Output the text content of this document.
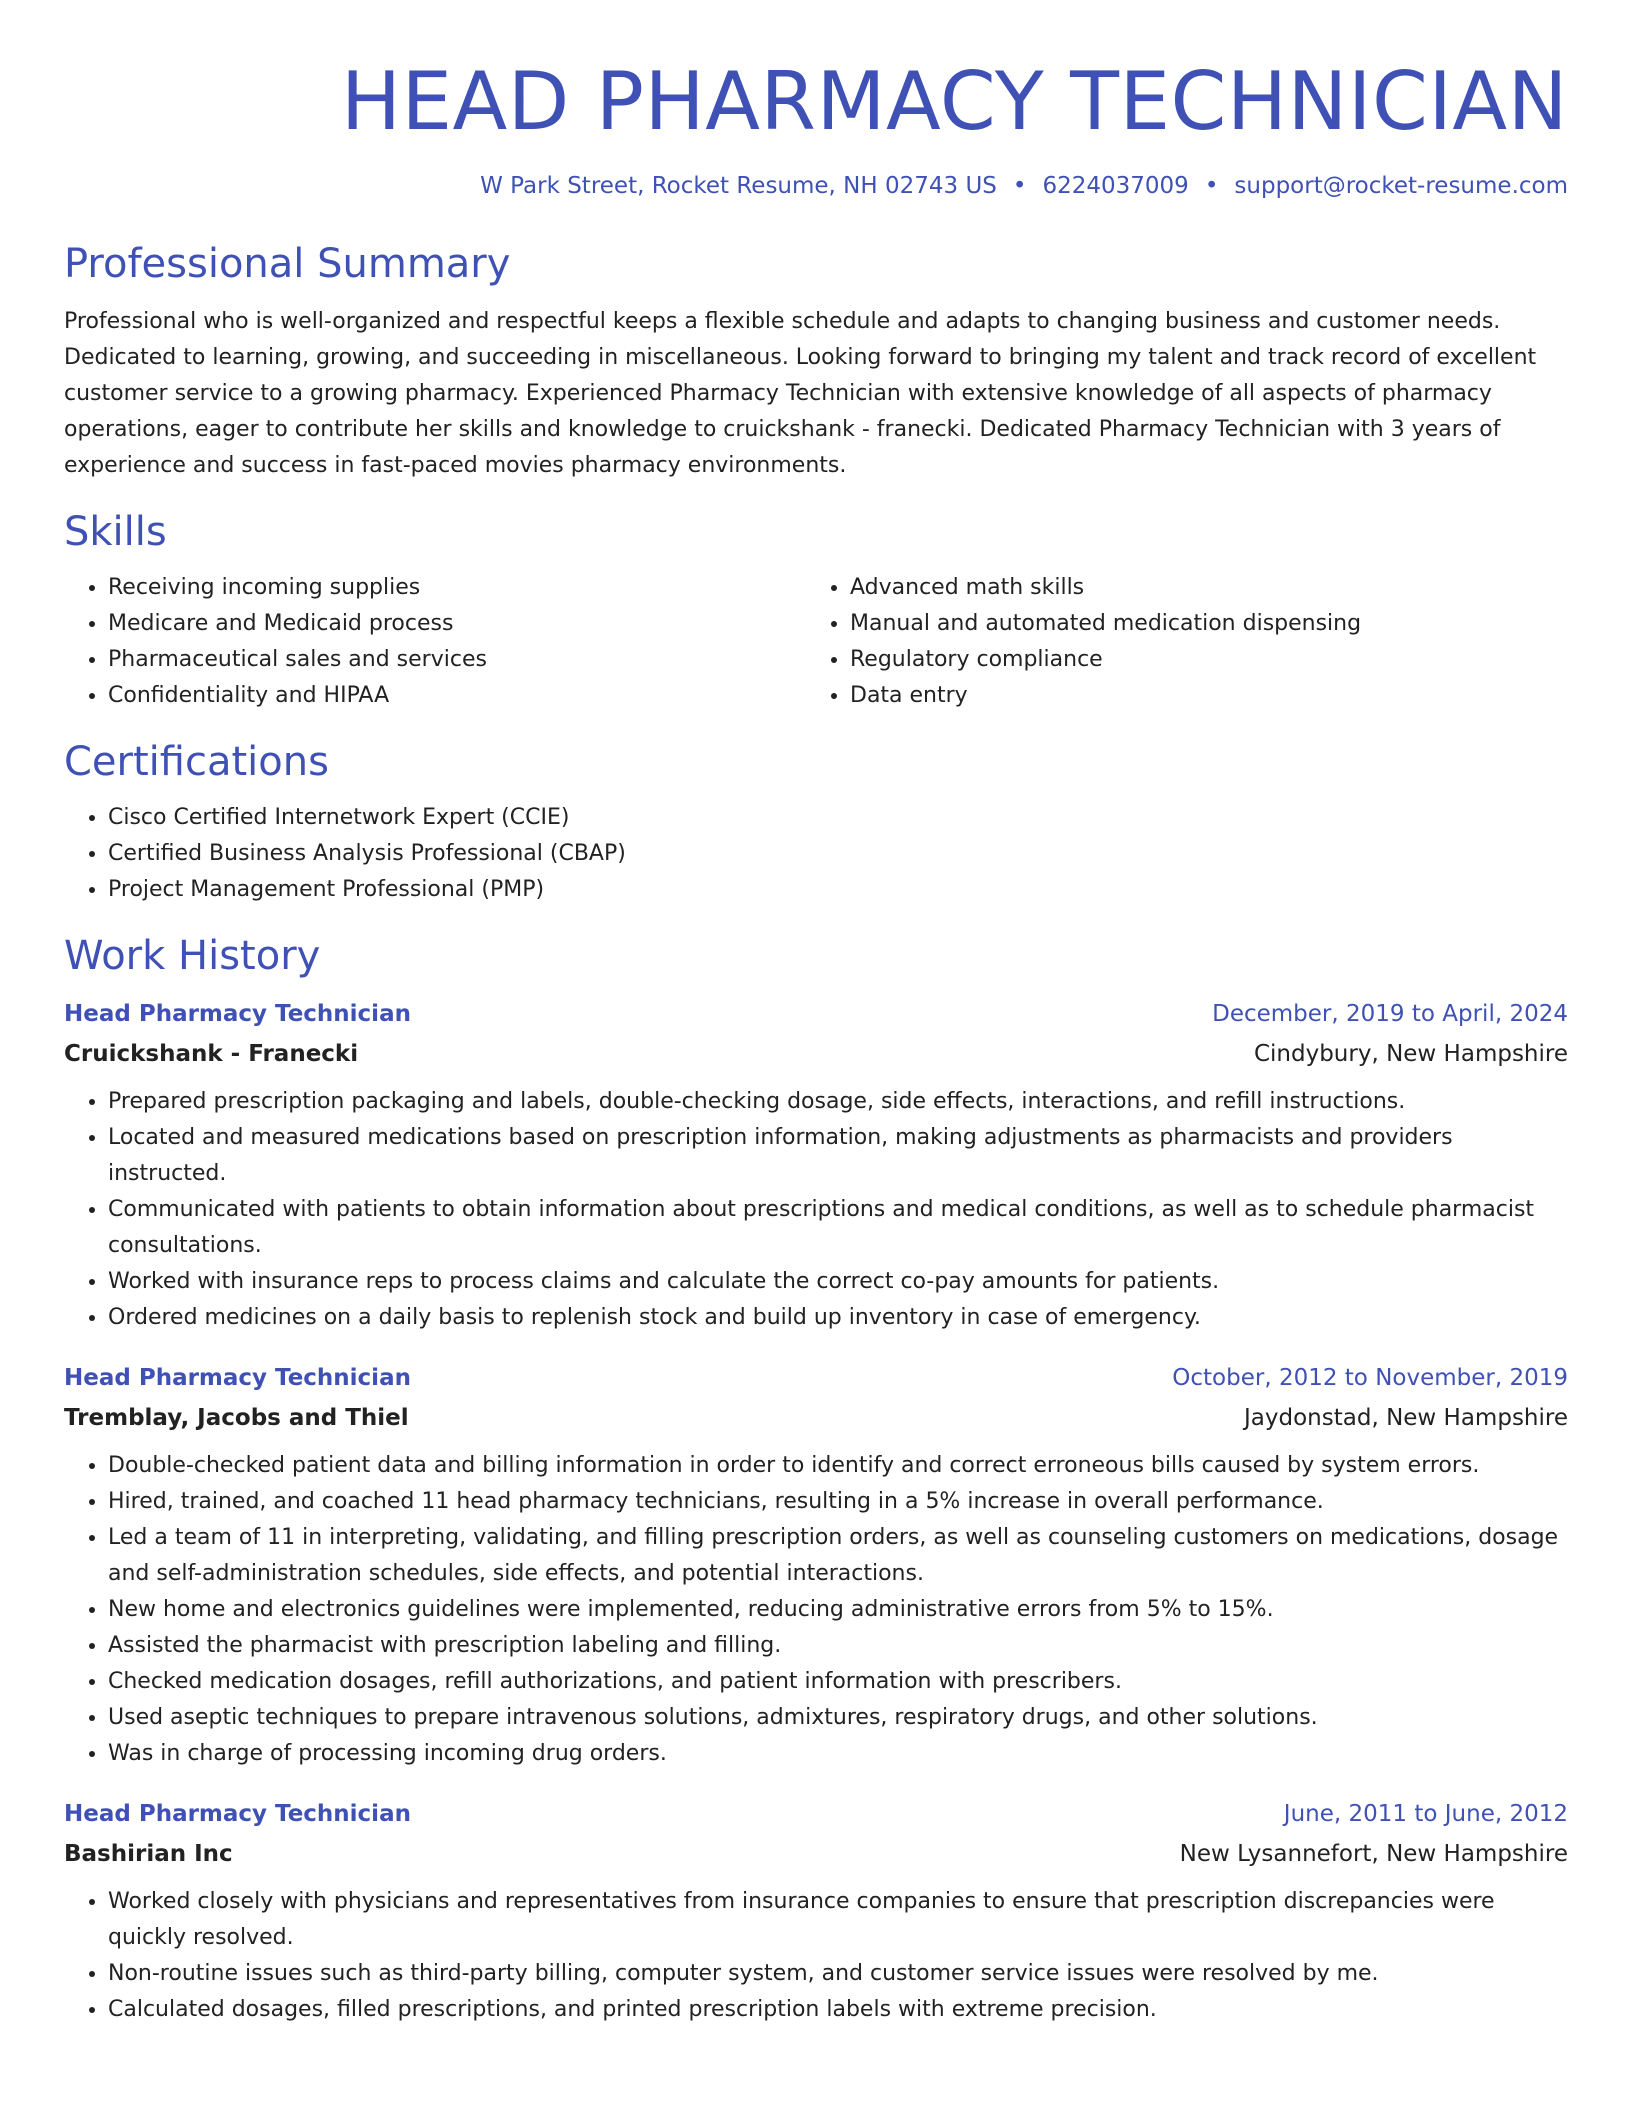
HEAD PHARMACY TECHNICIAN
W Park Street, Rocket Resume, NH 02743 US • 6224037009 • support@rocket-resume.com
Professional Summary

Professional who is well-organized and respectful keeps a flexible schedule and adapts to changing business and customer needs. Dedicated to learning, growing, and succeeding in miscellaneous. Looking forward to bringing my talent and track record of excellent customer service to a growing pharmacy. Experienced Pharmacy Technician with extensive knowledge of all aspects of pharmacy operations, eager to contribute her skills and knowledge to cruickshank - franecki. Dedicated Pharmacy Technician with 3 years of experience and success in fast-paced movies pharmacy environments.

Skills
• Receiving incoming supplies
• Medicare and Medicaid process
• Pharmaceutical sales and services
• Confidentiality and HIPAA
• Advanced math skills
• Manual and automated medication dispensing
• Regulatory compliance
• Data entry
Certifications
• Cisco Certified Internetwork Expert (CCIE)
• Certified Business Analysis Professional (CBAP)
• Project Management Professional (PMP)
Work History
Head Pharmacy Technician	December, 2019 to April, 2024
Cruickshank - Franecki	Cindybury, New Hampshire
• Prepared prescription packaging and labels, double-checking dosage, side effects, interactions, and refill instructions.
• Located and measured medications based on prescription information, making adjustments as pharmacists and providers instructed.
• Communicated with patients to obtain information about prescriptions and medical conditions, as well as to schedule pharmacist consultations.
• Worked with insurance reps to process claims and calculate the correct co-pay amounts for patients.
• Ordered medicines on a daily basis to replenish stock and build up inventory in case of emergency.
Head Pharmacy Technician	October, 2012 to November, 2019
Tremblay, Jacobs and Thiel	Jaydonstad, New Hampshire
• Double-checked patient data and billing information in order to identify and correct erroneous bills caused by system errors.
• Hired, trained, and coached 11 head pharmacy technicians, resulting in a 5% increase in overall performance.
• Led a team of 11 in interpreting, validating, and filling prescription orders, as well as counseling customers on medications, dosage and self-administration schedules, side effects, and potential interactions.
• New home and electronics guidelines were implemented, reducing administrative errors from 5% to 15%.
• Assisted the pharmacist with prescription labeling and filling.
• Checked medication dosages, refill authorizations, and patient information with prescribers.
• Used aseptic techniques to prepare intravenous solutions, admixtures, respiratory drugs, and other solutions.
• Was in charge of processing incoming drug orders.
Head Pharmacy Technician	June, 2011 to June, 2012
Bashirian Inc	New Lysannefort, New Hampshire
• Worked closely with physicians and representatives from insurance companies to ensure that prescription discrepancies were quickly resolved.
• Non-routine issues such as third-party billing, computer system, and customer service issues were resolved by me.
• Calculated dosages, filled prescriptions, and printed prescription labels with extreme precision.
